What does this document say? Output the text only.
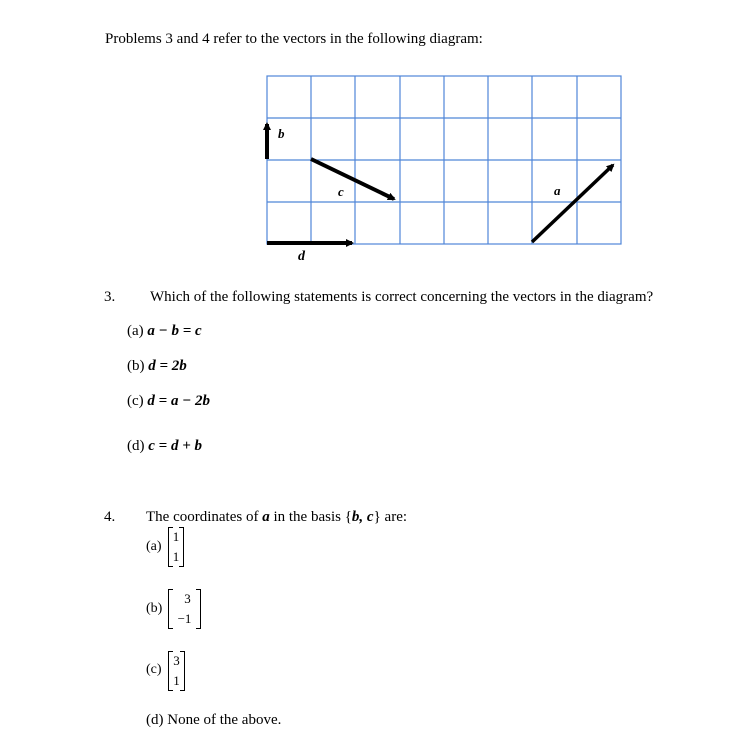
Problems 3 and 4 refer to the vectors in the following diagram:
b
c	a
d
3. Which of the following statements is correct concerning the vectors in the diagram?
(a) a − b = c
(b) d = 2b
(c) d = a − 2b
(d) c = d + b
4. The coordinates of a in the basis {b, c} are:
(a)
1
1
(b)
3
−1
(c)
3
1
(d) None of the above.
